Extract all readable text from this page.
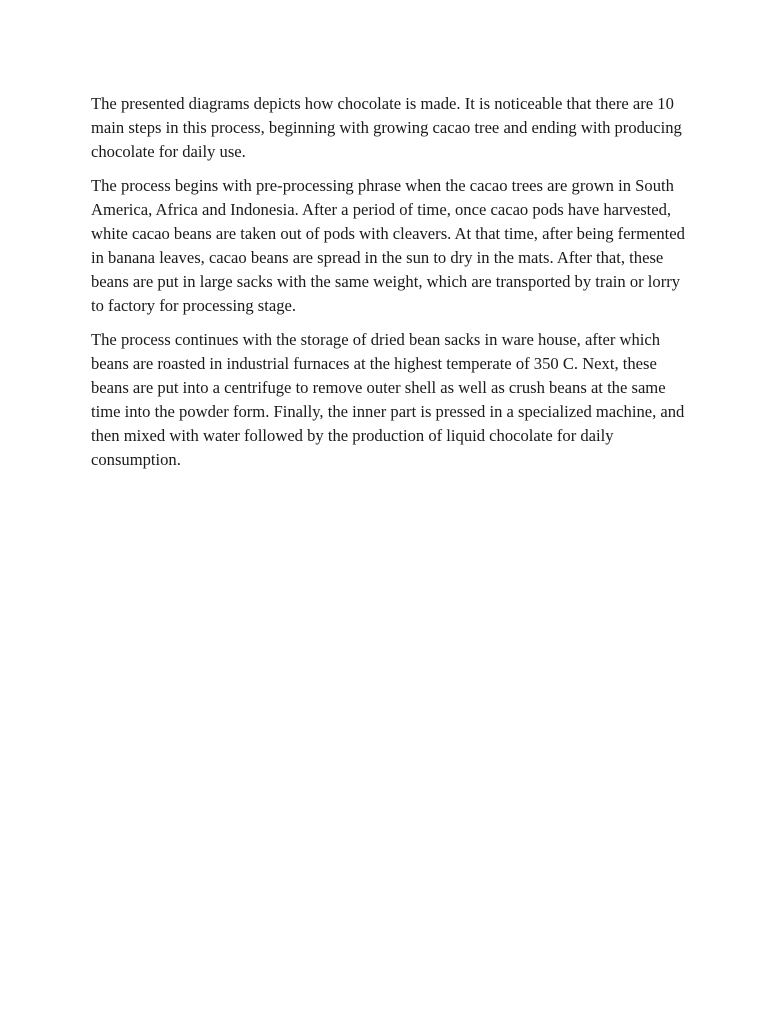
The presented diagrams depicts how chocolate is made. It is noticeable that there are 10 main steps in this process, beginning with growing cacao tree and ending with producing chocolate for daily use.

The process begins with pre-processing phrase when the cacao trees are grown in South America, Africa and Indonesia. After a period of time, once cacao pods have harvested, white cacao beans are taken out of pods with cleavers. At that time, after being fermented in banana leaves, cacao beans are spread in the sun to dry in the mats. After that, these beans are put in large sacks with the same weight, which are transported by train or lorry to factory for processing stage.

The process continues with the storage of dried bean sacks in ware house, after which beans are roasted in industrial furnaces at the highest temperate of 350 C. Next, these beans are put into a centrifuge to remove outer shell as well as crush beans at the same time into the powder form. Finally, the inner part is pressed in a specialized machine, and then mixed with water followed by the production of liquid chocolate for daily consumption.
